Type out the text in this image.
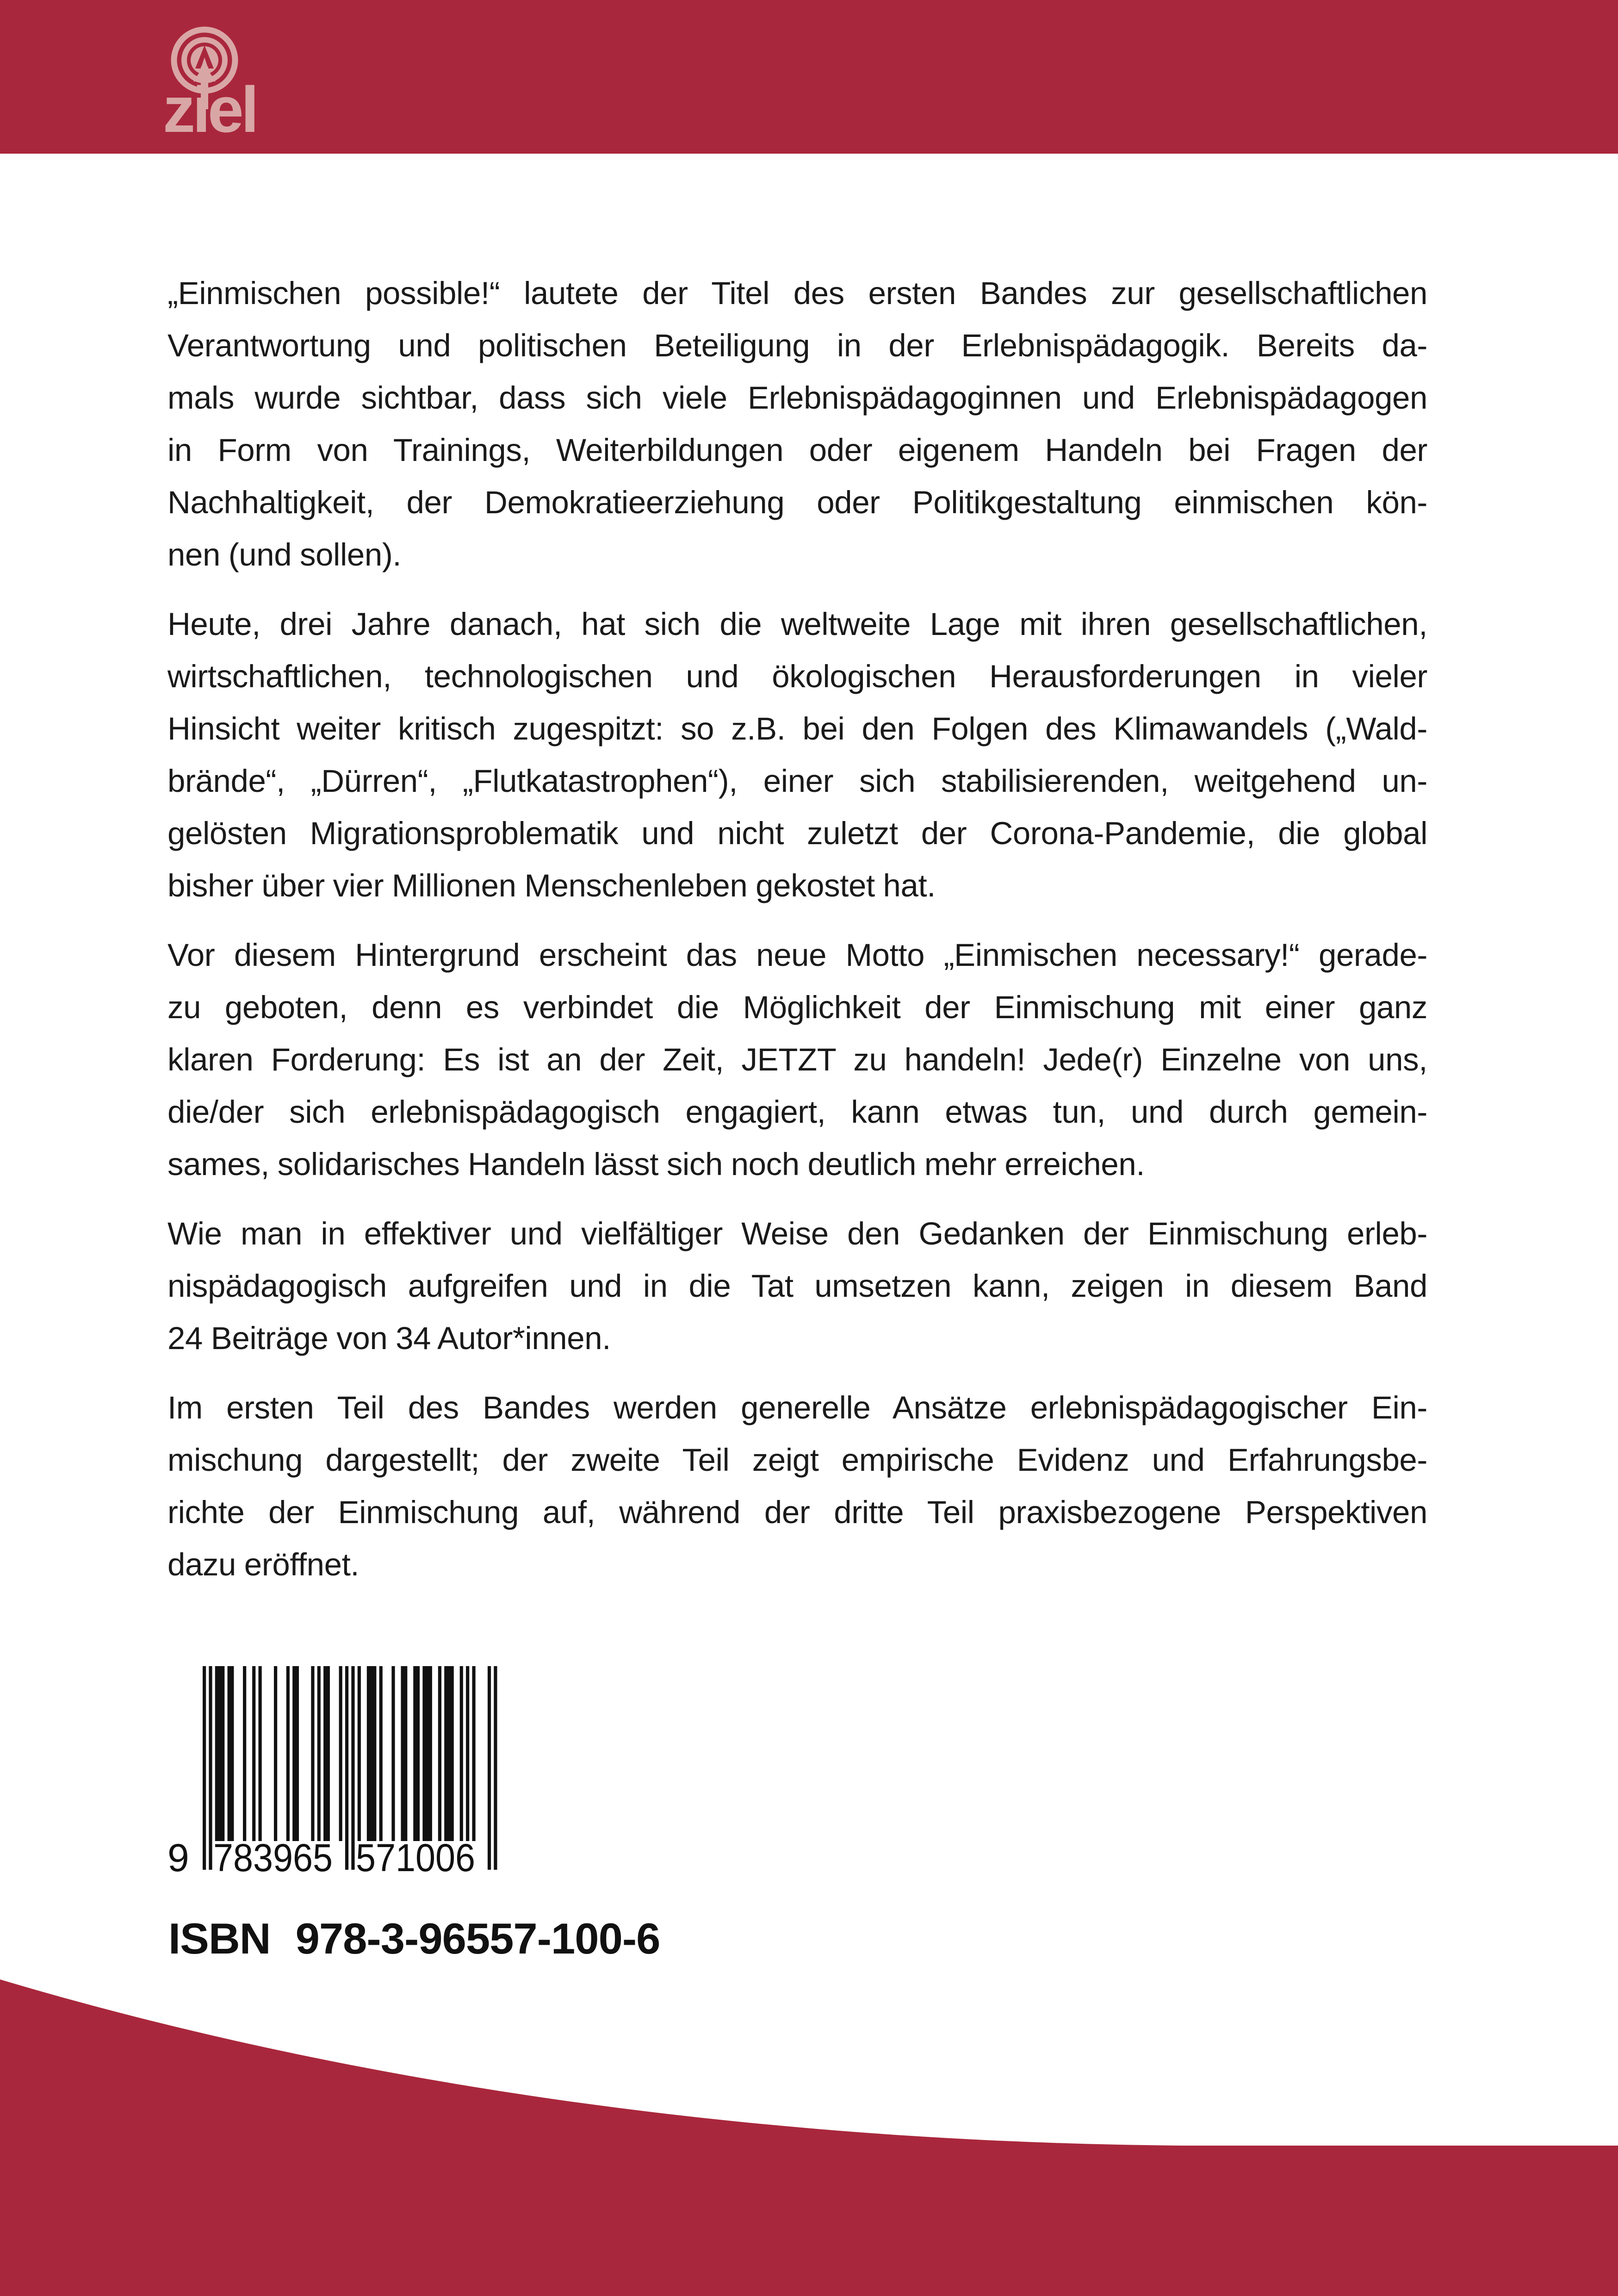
ziel
„Einmischen possible!“ lautete der Titel des ersten Bandes zur gesellschaftlichen
Verantwortung und politischen Beteiligung in der Erlebnispädagogik. Bereits da-
mals wurde sichtbar, dass sich viele Erlebnispädagoginnen und Erlebnispädagogen
in Form von Trainings, Weiterbildungen oder eigenem Handeln bei Fragen der
Nachhaltigkeit, der Demokratieerziehung oder Politikgestaltung einmischen kön-
nen (und sollen).
Heute, drei Jahre danach, hat sich die weltweite Lage mit ihren gesellschaftlichen,
wirtschaftlichen, technologischen und ökologischen Herausforderungen in vieler
Hinsicht weiter kritisch zugespitzt: so z.B. bei den Folgen des Klimawandels („Wald-
brände“, „Dürren“, „Flutkatastrophen“), einer sich stabilisierenden, weitgehend un-
gelösten Migrationsproblematik und nicht zuletzt der Corona-Pandemie, die global
bisher über vier Millionen Menschenleben gekostet hat.
Vor diesem Hintergrund erscheint das neue Motto „Einmischen necessary!“ gerade-
zu geboten, denn es verbindet die Möglichkeit der Einmischung mit einer ganz
klaren Forderung: Es ist an der Zeit, JETZT zu handeln! Jede(r) Einzelne von uns,
die/der sich erlebnispädagogisch engagiert, kann etwas tun, und durch gemein-
sames, solidarisches Handeln lässt sich noch deutlich mehr erreichen.
Wie man in effektiver und vielfältiger Weise den Gedanken der Einmischung erleb-
nispädagogisch aufgreifen und in die Tat umsetzen kann, zeigen in diesem Band
24 Beiträge von 34 Autor*innen.
Im ersten Teil des Bandes werden generelle Ansätze erlebnispädagogischer Ein-
mischung dargestellt; der zweite Teil zeigt empirische Evidenz und Erfahrungsbe-
richte der Einmischung auf, während der dritte Teil praxisbezogene Perspektiven
dazu eröffnet.
9 783965 571006
ISBN 978-3-96557-100-6
